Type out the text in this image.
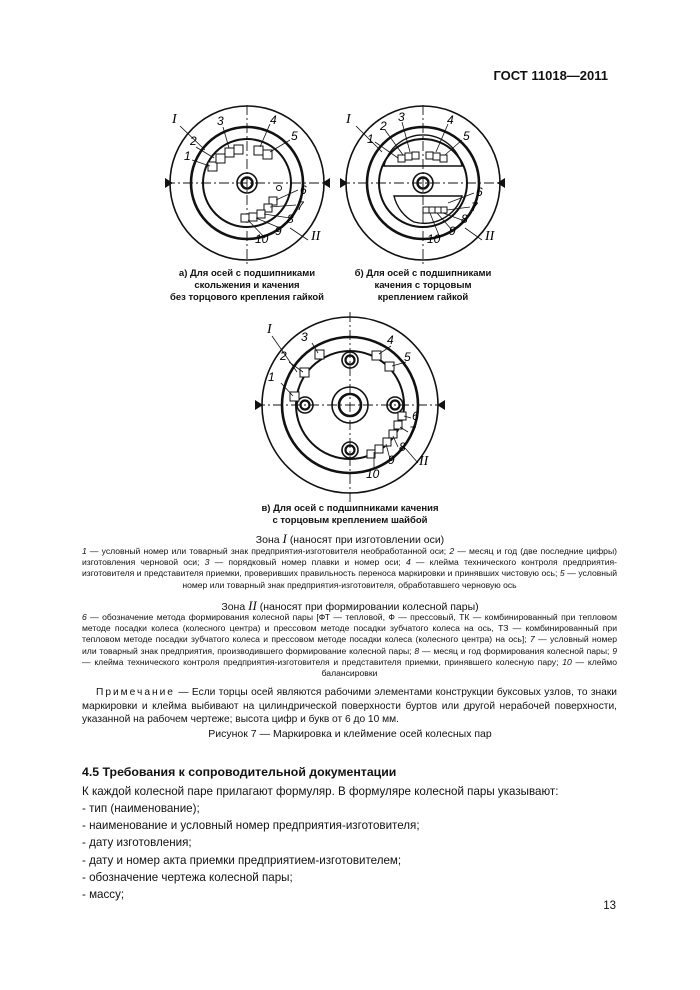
ГОСТ 11018—2011
I
2
3	4
5
1
6
7
8
9
10	II
а) Для осей с подшипниками
скольжения и качения
без торцового крепления гайкой
I 2
3	4
5
1
6
7
8
9
10	II
б) Для осей с подшипниками
качения с торцовым
креплением гайкой
I
2
3	4
5
1
6
7
8
9
10
II
в) Для осей с подшипниками качения
с торцовым креплением шайбой
Зона I (наносят при изготовлении оси)
1 — условный номер или товарный знак предприятия-изготовителя необработанной оси; 2 — месяц и год (две последние цифры) изготовления черновой оси; 3 — порядковый номер плавки и номер оси; 4 — клейма технического контроля предприятия-изготовителя и представителя приемки, проверивших правильность переноса маркировки и принявших чистовую ось; 5 — условный номер или товарный знак предприятия-изготовителя, обработавшего черновую ось
Зона II (наносят при формировании колесной пары)
6 — обозначение метода формирования колесной пары [ФТ — тепловой, Ф — прессовый, ТК — комбинированный при тепловом методе посадки колеса (колесного центра) и прессовом методе посадки зубчатого колеса на ось, ТЗ — комбинированный при тепловом методе посадки зубчатого колеса и прессовом методе посадки колеса (колесного центра) на ось]; 7 — условный номер или товарный знак предприятия, производившего формирование колесной пары; 8 — месяц и год формирования колесной пары; 9 — клейма технического контроля предприятия-изготовителя и представителя приемки, принявшего колесную пару; 10 — клеймо балансировки
Примечание — Если торцы осей являются рабочими элементами конструкции буксовых узлов, то знаки маркировки и клейма выбивают на цилиндрической поверхности буртов или другой нерабочей поверхности, указанной на рабочем чертеже; высота цифр и букв от 6 до 10 мм.
Рисунок 7 — Маркировка и клеймение осей колесных пар
4.5 Требования к сопроводительной документации
К каждой колесной паре прилагают формуляр. В формуляре колесной пары указывают:
- тип (наименование);
- наименование и условный номер предприятия-изготовителя;
- дату изготовления;
- дату и номер акта приемки предприятием-изготовителем;
- обозначение чертежа колесной пары;
- массу;
13
